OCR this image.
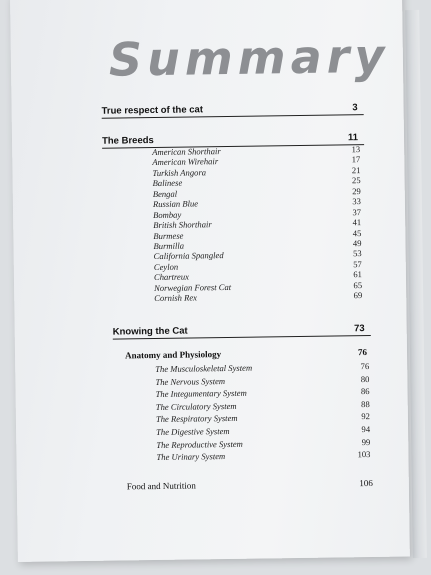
Summary
True respect of the cat	3
The Breeds	11
American Shorthair	13
American Wirehair	17
Turkish Angora	21
Balinese	25
Bengal	29
Russian Blue	33
Bombay	37
British Shorthair	41
Burmese	45
Burmilla	49
California Spangled	53
Ceylon	57
Chartreux	61
Norwegian Forest Cat	65
Cornish Rex	69
Knowing the Cat	73
Anatomy and Physiology	76
The Musculoskeletal System	76
The Nervous System	80
The Integumentary System	86
The Circulatory System	88
The Respiratory System	92
The Digestive System	94
The Reproductive System	99
The Urinary System	103
Food and Nutrition	106
